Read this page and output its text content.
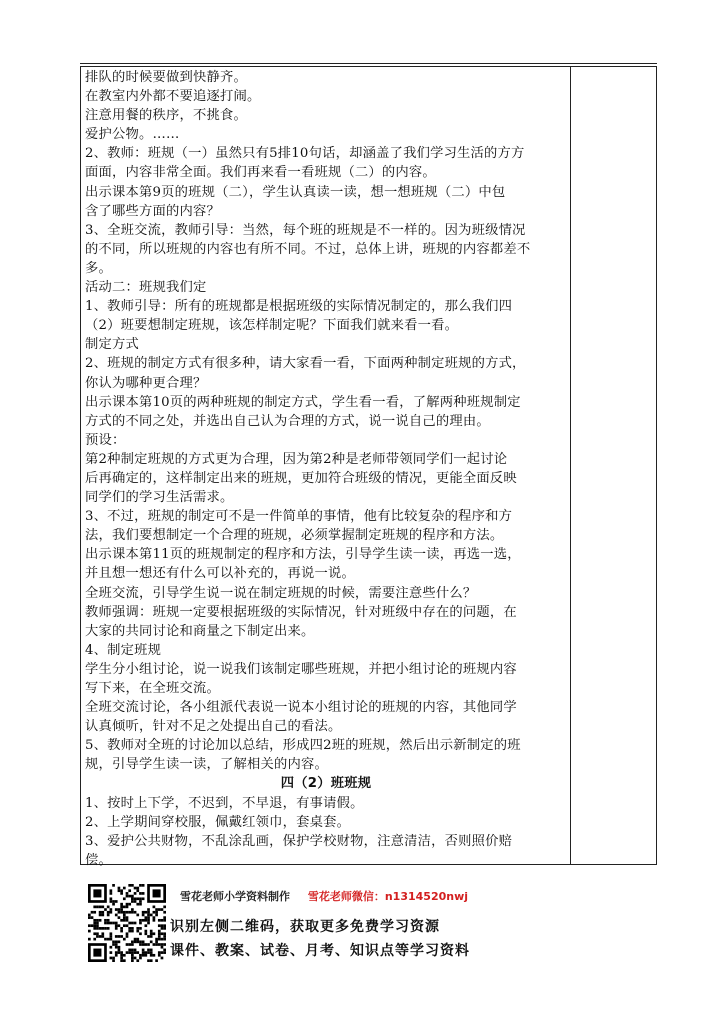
排队的时候要做到快静齐。
在教室内外都不要追逐打闹。
注意用餐的秩序，不挑食。
爱护公物。……
2、教师：班规（一）虽然只有5排10句话，却涵盖了我们学习生活的方方
面面，内容非常全面。我们再来看一看班规（二）的内容。
出示课本第9页的班规（二），学生认真读一读，想一想班规（二）中包
含了哪些方面的内容？
3、全班交流，教师引导：当然，每个班的班规是不一样的。因为班级情况
的不同，所以班规的内容也有所不同。不过，总体上讲，班规的内容都差不
多。
活动二：班规我们定
1、教师引导：所有的班规都是根据班级的实际情况制定的，那么我们四
（2）班要想制定班规，该怎样制定呢？下面我们就来看一看。
制定方式
2、班规的制定方式有很多种，请大家看一看，下面两种制定班规的方式，
你认为哪种更合理？
出示课本第10页的两种班规的制定方式，学生看一看，了解两种班规制定
方式的不同之处，并选出自己认为合理的方式，说一说自己的理由。
预设：
第2种制定班规的方式更为合理，因为第2种是老师带领同学们一起讨论
后再确定的，这样制定出来的班规，更加符合班级的情况，更能全面反映
同学们的学习生活需求。
3、不过，班规的制定可不是一件简单的事情，他有比较复杂的程序和方
法，我们要想制定一个合理的班规，必须掌握制定班规的程序和方法。
出示课本第11页的班规制定的程序和方法，引导学生读一读，再选一选，
并且想一想还有什么可以补充的，再说一说。
全班交流，引导学生说一说在制定班规的时候，需要注意些什么？
教师强调：班规一定要根据班级的实际情况，针对班级中存在的问题，在
大家的共同讨论和商量之下制定出来。
4、制定班规
学生分小组讨论，说一说我们该制定哪些班规，并把小组讨论的班规内容
写下来，在全班交流。
全班交流讨论，各小组派代表说一说本小组讨论的班规的内容，其他同学
认真倾听，针对不足之处提出自己的看法。
5、教师对全班的讨论加以总结，形成四2班的班规，然后出示新制定的班
规，引导学生读一读，了解相关的内容。
四（2）班班规
1、按时上下学，不迟到，不早退，有事请假。
2、上学期间穿校服，佩戴红领巾，套桌套。
3、爱护公共财物，不乱涂乱画，保护学校财物，注意清洁，否则照价赔
偿。
雪花老师小学资料制作 雪花老师微信：n1314520nwj
识别左侧二维码，获取更多免费学习资源
课件、教案、试卷、月考、知识点等学习资料
